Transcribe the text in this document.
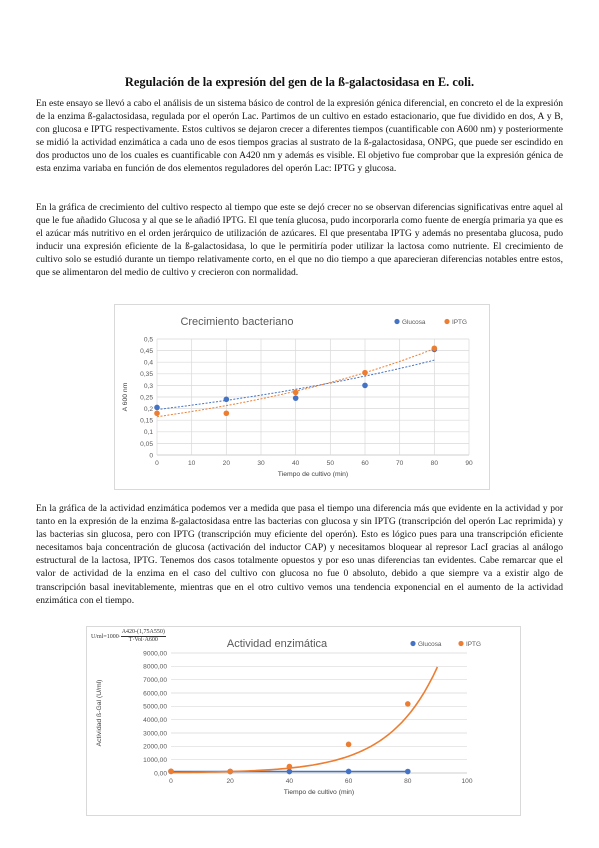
Regulación de la expresión del gen de la ß-galactosidasa en E. coli.

En este ensayo se llevó a cabo el análisis de un sistema básico de control de la expresión génica diferencial, en concreto el de la expresión de la enzima ß-galactosidasa, regulada por el operón Lac. Partimos de un cultivo en estado estacionario, que fue dividido en dos, A y B, con glucosa e IPTG respectivamente. Estos cultivos se dejaron crecer a diferentes tiempos (cuantificable con A600 nm) y posteriormente se midió la actividad enzimática a cada uno de esos tiempos gracias al sustrato de la ß-galactosidasa, ONPG, que puede ser escindido en dos productos uno de los cuales es cuantificable con A420 nm y además es visible. El objetivo fue comprobar que la expresión génica de esta enzima variaba en función de dos elementos reguladores del operón Lac: IPTG y glucosa.

En la gráfica de crecimiento del cultivo respecto al tiempo que este se dejó crecer no se observan diferencias significativas entre aquel al que le fue añadido Glucosa y al que se le añadió IPTG. El que tenía glucosa, pudo incorporarla como fuente de energía primaria ya que es el azúcar más nutritivo en el orden jerárquico de utilización de azúcares. El que presentaba IPTG y además no presentaba glucosa, pudo inducir una expresión eficiente de la ß-galactosidasa, lo que le permitiría poder utilizar la lactosa como nutriente. El crecimiento de cultivo solo se estudió durante un tiempo relativamente corto, en el que no dio tiempo a que aparecieran diferencias notables entre estos, que se alimentaron del medio de cultivo y crecieron con normalidad.

Crecimiento bacteriano	Glucosa	IPTG
0
0,05
0,1
0,15
0,2
0,25
0,3
0,35
0,4
0,45
0,5
0	10	20	30	40	50	60	70	80	90
Tiempo de cultivo (min)
A 600 nm

En la gráfica de la actividad enzimática podemos ver a medida que pasa el tiempo una diferencia más que evidente en la actividad y por tanto en la expresión de la enzima ß-galactosidasa entre las bacterias con glucosa y sin IPTG (transcripción del operón Lac reprimida) y las bacterias sin glucosa, pero con IPTG (transcripción muy eficiente del operón). Esto es lógico pues para una transcripción eficiente necesitamos baja concentración de glucosa (activación del inductor CAP) y necesitamos bloquear al represor LacI gracias al análogo estructural de la lactosa, IPTG. Tenemos dos casos totalmente opuestos y por eso unas diferencias tan evidentes. Cabe remarcar que el valor de actividad de la enzima en el caso del cultivo con glucosa no fue 0 absoluto, debido a que siempre va a existir algo de transcripción basal inevitablemente, mientras que en el otro cultivo vemos una tendencia exponencial en el aumento de la actividad enzimática con el tiempo.

$U/ml=1000\cdot \frac{A420-(1,75A550)}{\text{T·Vol·A600}}$	Actividad enzimática	Glucosa	IPTG
0,00
1000,00
2000,00
3000,00
4000,00
5000,00
6000,00
7000,00
8000,00
9000,00
0	20	40	60	80	100
Tiempo de cultivo (min)
Actividad ß-Gal (U/ml)
